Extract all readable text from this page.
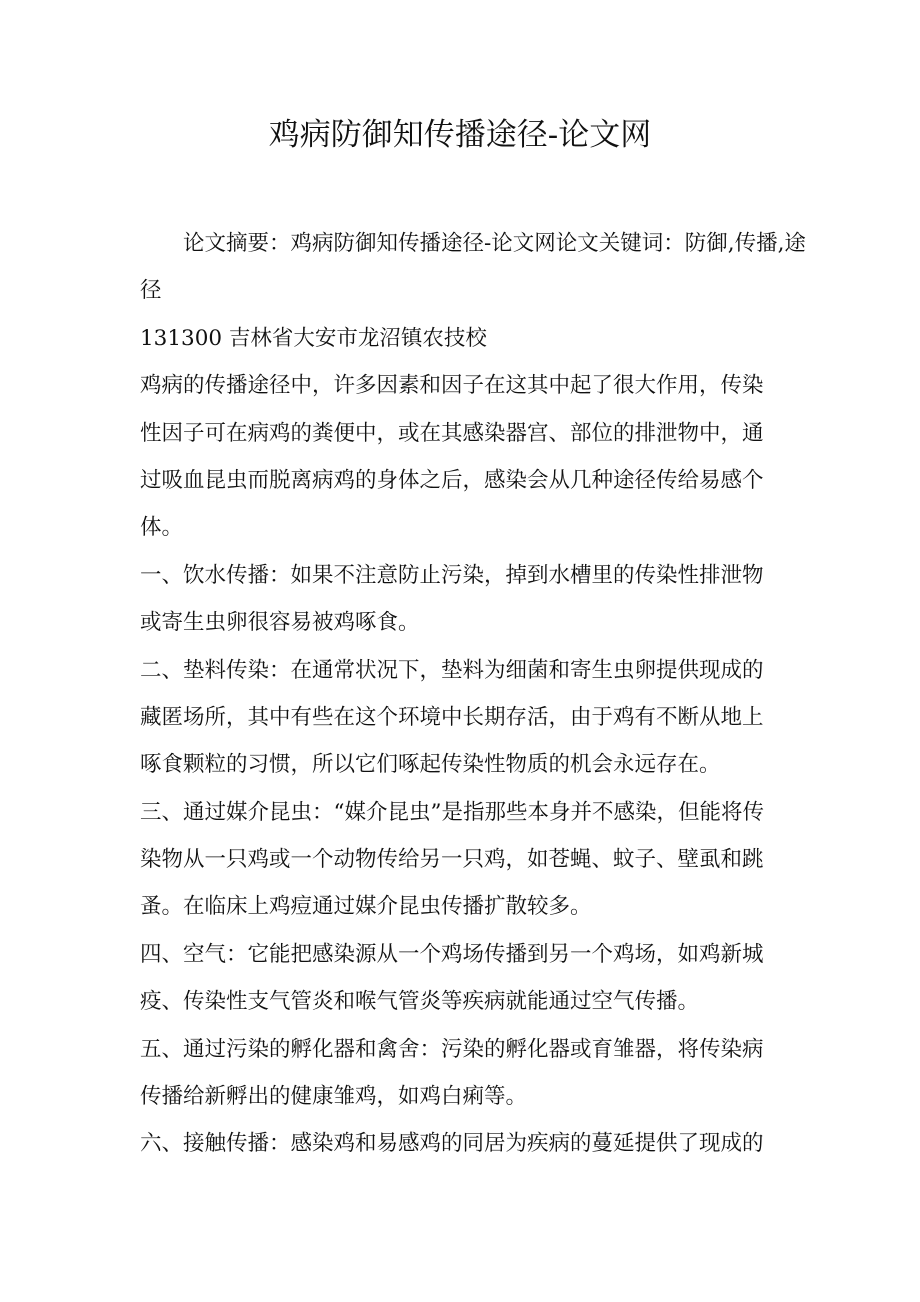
鸡病防御知传播途径-论文网
论文摘要：鸡病防御知传播途径-论文网论文关键词：防御,传播,途
径
131300 吉林省大安市龙沼镇农技校
鸡病的传播途径中，许多因素和因子在这其中起了很大作用，传染
性因子可在病鸡的粪便中，或在其感染器宫、部位的排泄物中，通
过吸血昆虫而脱离病鸡的身体之后，感染会从几种途径传给易感个
体。
一、饮水传播：如果不注意防止污染，掉到水槽里的传染性排泄物
或寄生虫卵很容易被鸡啄食。
二、垫料传染：在通常状况下，垫料为细菌和寄生虫卵提供现成的
藏匿场所，其中有些在这个环境中长期存活，由于鸡有不断从地上
啄食颗粒的习惯，所以它们啄起传染性物质的机会永远存在。
三、通过媒介昆虫：“媒介昆虫”是指那些本身并不感染，但能将传
染物从一只鸡或一个动物传给另一只鸡，如苍蝇、蚊子、壁虱和跳
蚤。在临床上鸡痘通过媒介昆虫传播扩散较多。
四、空气：它能把感染源从一个鸡场传播到另一个鸡场，如鸡新城
疫、传染性支气管炎和喉气管炎等疾病就能通过空气传播。
五、通过污染的孵化器和禽舍：污染的孵化器或育雏器，将传染病
传播给新孵出的健康雏鸡，如鸡白痢等。
六、接触传播：感染鸡和易感鸡的同居为疾病的蔓延提供了现成的
